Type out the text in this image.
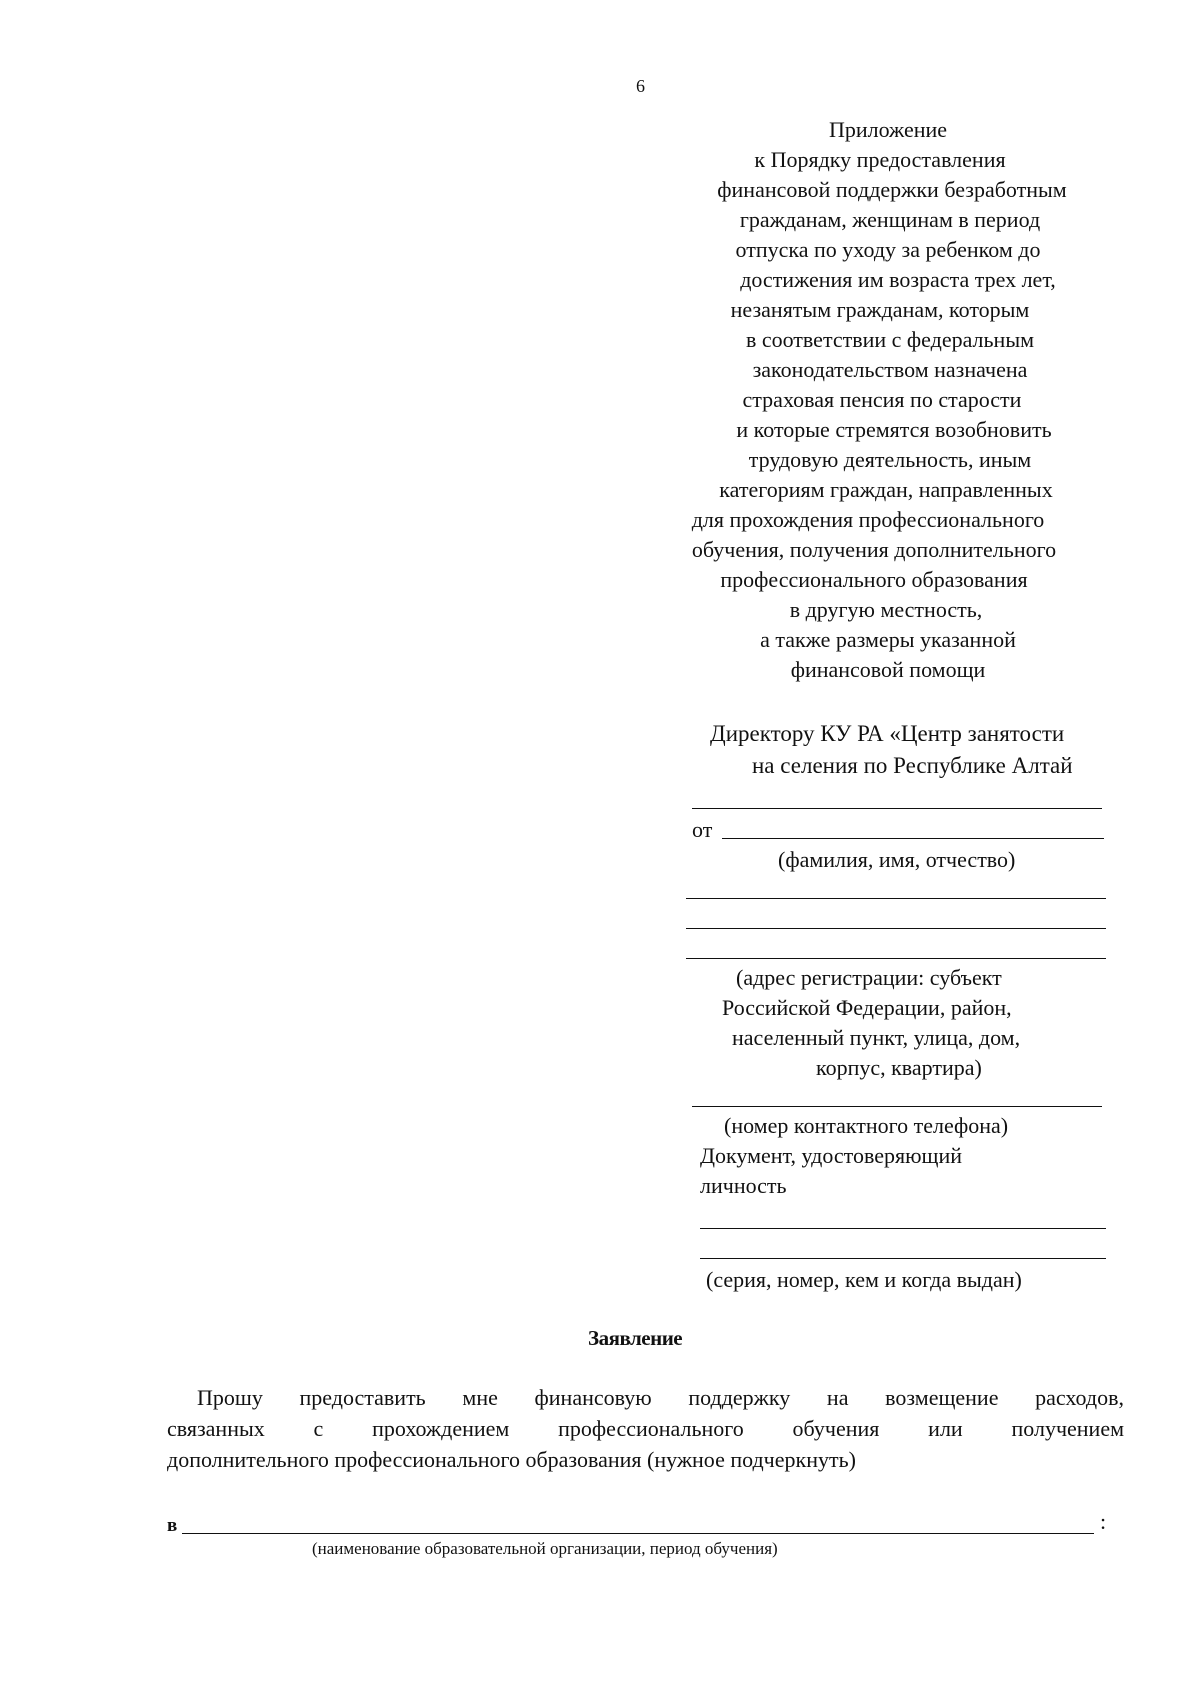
6
Приложение
к Порядку предоставления
финансовой поддержки безработным
гражданам, женщинам в период
отпуска по уходу за ребенком до
достижения им возраста трех лет,
незанятым гражданам, которым
в соответствии с федеральным
законодательством назначена
страховая пенсия по старости
и которые стремятся возобновить
трудовую деятельность, иным
категориям граждан, направленных
для прохождения профессионального
обучения, получения дополнительного
профессионального образования
в другую местность,
а также размеры указанной
финансовой помощи
Директору КУ РА «Центр занятости
на селения по Республике Алтай
от
(фамилия, имя, отчество)
(адрес регистрации: субъект
Российской Федерации, район,
населенный пункт, улица, дом,
корпус, квартира)
(номер контактного телефона)
Документ, удостоверяющий
личность
(серия, номер, кем и когда выдан)
Заявление
Прошу предоставить мне финансовую поддержку на возмещение расходов,
связанных с прохождением профессионального обучения или получением
дополнительного профессионального образования (нужное подчеркнуть)
в	:
(наименование образовательной организации, период обучения)
